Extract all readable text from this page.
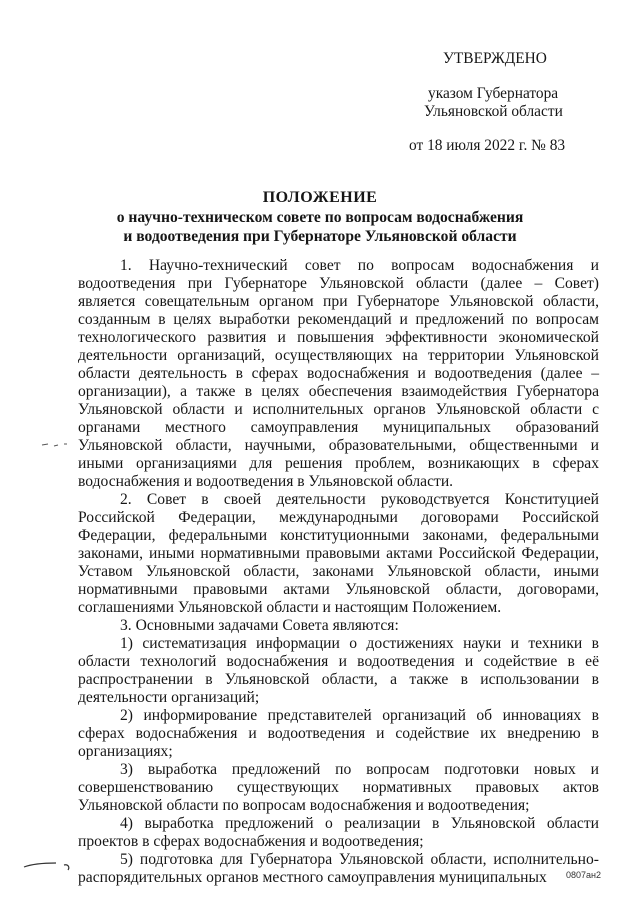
УТВЕРЖДЕНО
указом Губернатора
Ульяновской области
от 18 июля 2022 г. № 83
ПОЛОЖЕНИЕ
о научно-техническом совете по вопросам водоснабжения
и водоотведения при Губернаторе Ульяновской области

1. Научно-технический совет по вопросам водоснабжения и водоотведения при Губернаторе Ульяновской области (далее – Совет) является совещательным органом при Губернаторе Ульяновской области, созданным в целях выработки рекомендаций и предложений по вопросам технологического развития и повышения эффективности экономической деятельности организаций, осуществляющих на территории Ульяновской области деятельность в сферах водоснабжения и водоотведения (далее – организации), а также в целях обеспечения взаимодействия Губернатора Ульяновской области и исполнительных органов Ульяновской области с органами местного самоуправления муниципальных образований Ульяновской области, научными, образовательными, общественными и иными организациями для решения проблем, возникающих в сферах водоснабжения и водоотведения в Ульяновской области.

2. Совет в своей деятельности руководствуется Конституцией Российской Федерации, международными договорами Российской Федерации, федеральными конституционными законами, федеральными законами, иными нормативными правовыми актами Российской Федерации, Уставом Ульяновской области, законами Ульяновской области, иными нормативными правовыми актами Ульяновской области, договорами, соглашениями Ульяновской области и настоящим Положением.

3. Основными задачами Совета являются:

1) систематизация информации о достижениях науки и техники в области технологий водоснабжения и водоотведения и содействие в её распространении в Ульяновской области, а также в использовании в деятельности организаций;

2) информирование представителей организаций об инновациях в сферах водоснабжения и водоотведения и содействие их внедрению в организациях;

3) выработка предложений по вопросам подготовки новых и совершенствованию существующих нормативных правовых актов Ульяновской области по вопросам водоснабжения и водоотведения;

4) выработка предложений о реализации в Ульяновской области проектов в сферах водоснабжения и водоотведения;

5) подготовка для Губернатора Ульяновской области, исполнительно-распорядительных органов местного самоуправления муниципальных	0807ан2
